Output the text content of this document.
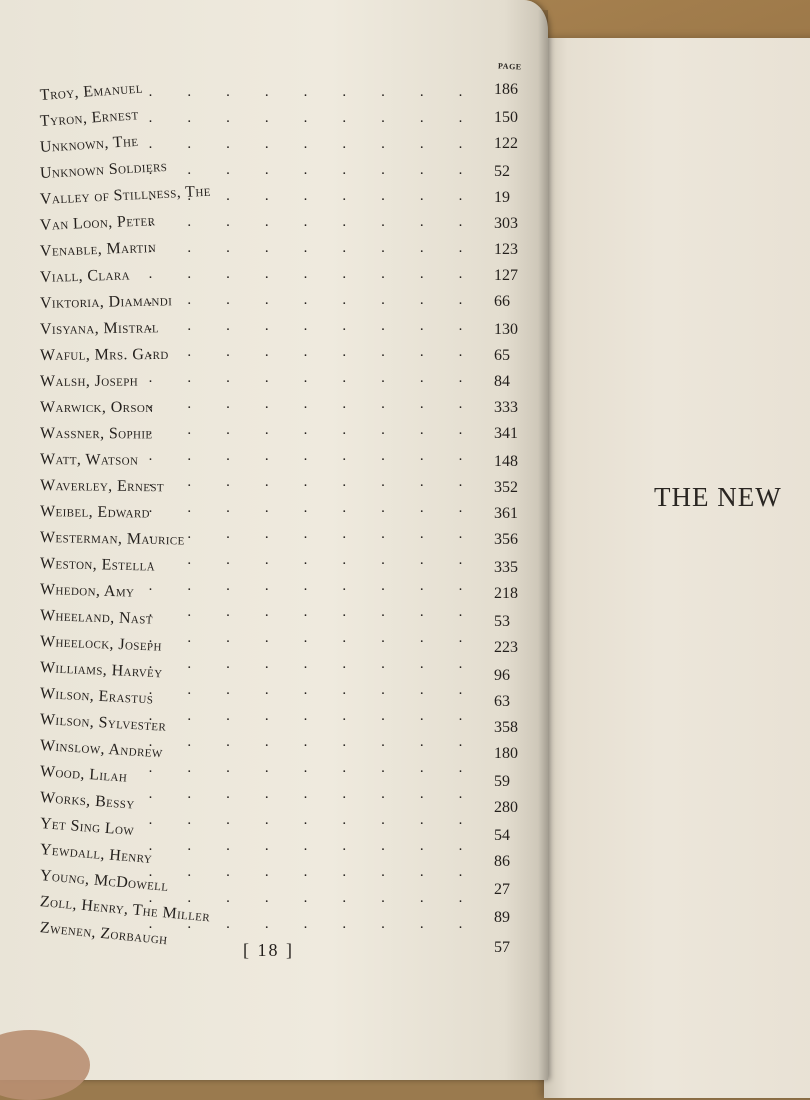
THE NEW
PAGE
Troy, Emanuel · · · · · · · · · 186
Tyron, Ernest · · · · · · · · · 150
Unknown, The · · · · · · · · · 122
Unknown Soldiers
· · · · · · · · · 52
Valley of Stillness, The
· · · · · · · · · 19
Van Loon, Peter
· · · · · · · · · 303
Venable, Martin
· · · · · · · · · 123
Viall, Clara · · · · · · · · · 127
Viktoria, Diamandi
· · · · · · · · · 66
Visyana, Mistral
· · · · · · · · · 130
Waful, Mrs. Gard
· · · · · · · · · 65
Walsh, Joseph · · · · · · · · · 84
Warwick, Orson
· · · · · · · · · 333
Wassner, Sophie
· · · · · · · · · 341
Watt, Watson · · · · · · · · · 148
Waverley, Ernest
· · · · · · · · · 352
Weibel, Edward
· · · · · · · · · 361
Westerman, Maurice
· · · · · · · · · 356
Weston, Estella
· · · · · · · · · 335
Whedon, Amy · · · · · · · · · 218
Wheeland, Nast
· · · · · · · · · 53
Wheelock, Joseph
· · · · · · · · · 223
Williams, Harvey
· · · · · · · · · 96
Wilson, Erastus
· · · · · · · · · 63
Wilson, Sylvester
· · · · · · · · · 358
Winslow, Andrew
· · · · · · · · · 180
Wood, Lilah · · · · · · · · ·
59
Works, Bessy · · · · · · · · ·
280
Yet Sing Low · · · · · · · · ·
54
Yewdall, Henry
· · · · · · · · ·
86
Young, McDowell
· · · · · · · · ·
27
Zoll, Henry, The Miller
· · · · · · · · ·
89
Zwenen, Zorbaugh
· · · · · · · · ·
57
[ 18 ]
